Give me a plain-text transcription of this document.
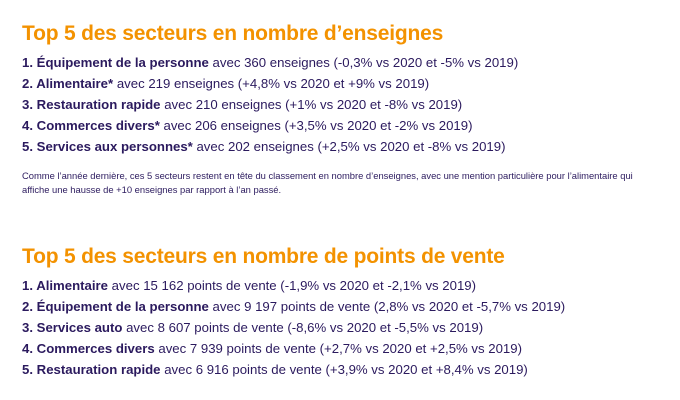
Top 5 des secteurs en nombre d’enseignes
1. Équipement de la personne avec 360 enseignes (-0,3% vs 2020 et -5% vs 2019)
2. Alimentaire* avec 219 enseignes (+4,8% vs 2020 et +9% vs 2019)
3. Restauration rapide avec 210 enseignes (+1% vs 2020 et -8% vs 2019)
4. Commerces divers* avec 206 enseignes (+3,5% vs 2020 et -2% vs 2019)
5. Services aux personnes* avec 202 enseignes (+2,5% vs 2020 et -8% vs 2019)

Comme l’année dernière, ces 5 secteurs restent en tête du classement en nombre d’enseignes, avec une mention particulière pour l’alimentaire qui affiche une hausse de +10 enseignes par rapport à l’an passé.

Top 5 des secteurs en nombre de points de vente
1. Alimentaire avec 15 162 points de vente (-1,9% vs 2020 et -2,1% vs 2019)
2. Équipement de la personne avec 9 197 points de vente (2,8% vs 2020 et -5,7% vs 2019)
3. Services auto avec 8 607 points de vente (-8,6% vs 2020 et -5,5% vs 2019)
4. Commerces divers avec 7 939 points de vente (+2,7% vs 2020 et +2,5% vs 2019)
5. Restauration rapide avec 6 916 points de vente (+3,9% vs 2020 et +8,4% vs 2019)
